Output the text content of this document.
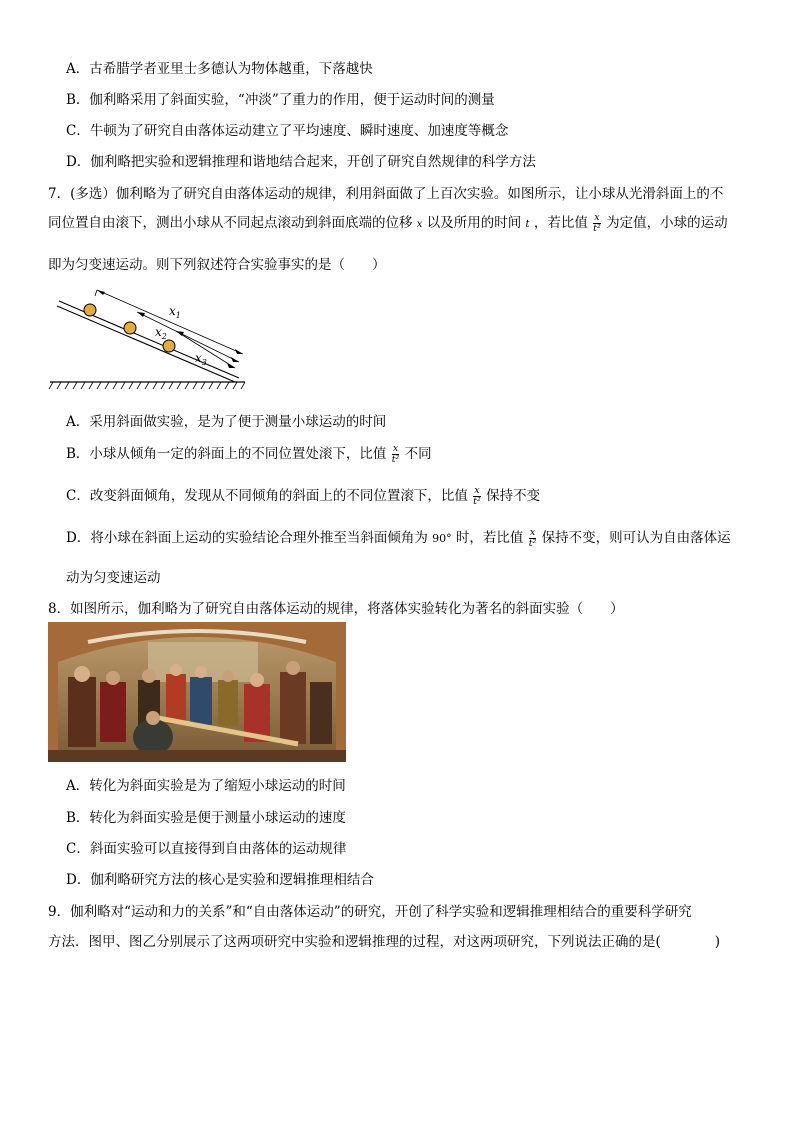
A．古希腊学者亚里士多德认为物体越重，下落越快
B．伽利略采用了斜面实验，“冲淡”了重力的作用，便于运动时间的测量
C．牛顿为了研究自由落体运动建立了平均速度、瞬时速度、加速度等概念
D．伽利略把实验和逻辑推理和谐地结合起来，开创了研究自然规律的科学方法
7．(多选）伽利略为了研究自由落体运动的规律，利用斜面做了上百次实验。如图所示，让小球从光滑斜面上的不
同位置自由滚下，测出小球从不同起点滚动到斜面底端的位移 x 以及所用的时间 t ，若比值 $\frac{x}{\text{t²}}$ 为定值，小球的运动
即为匀变速运动。则下列叙述符合实验事实的是（　　）
$x_1$
$x_2$
$x_3$
A．采用斜面做实验，是为了便于测量小球运动的时间
B．小球从倾角一定的斜面上的不同位置处滚下，比值 $\frac{x}{\text{t²}}$ 不同
C．改变斜面倾角，发现从不同倾角的斜面上的不同位置滚下，比值 $\frac{x}{\text{t²}}$ 保持不变
D．将小球在斜面上运动的实验结论合理外推至当斜面倾角为 90° 时，若比值 $\frac{x}{\text{t²}}$ 保持不变，则可认为自由落体运
动为匀变速运动
8．如图所示，伽利略为了研究自由落体运动的规律，将落体实验转化为著名的斜面实验（　　）
A．转化为斜面实验是为了缩短小球运动的时间
B．转化为斜面实验是便于测量小球运动的速度
C．斜面实验可以直接得到自由落体的运动规律
D．伽利略研究方法的核心是实验和逻辑推理相结合
9．伽利略对“运动和力的关系”和“自由落体运动”的研究，开创了科学实验和逻辑推理相结合的重要科学研究
方法．图甲、图乙分别展示了这两项研究中实验和逻辑推理的过程，对这两项研究，下列说法正确的是(　　　　)
